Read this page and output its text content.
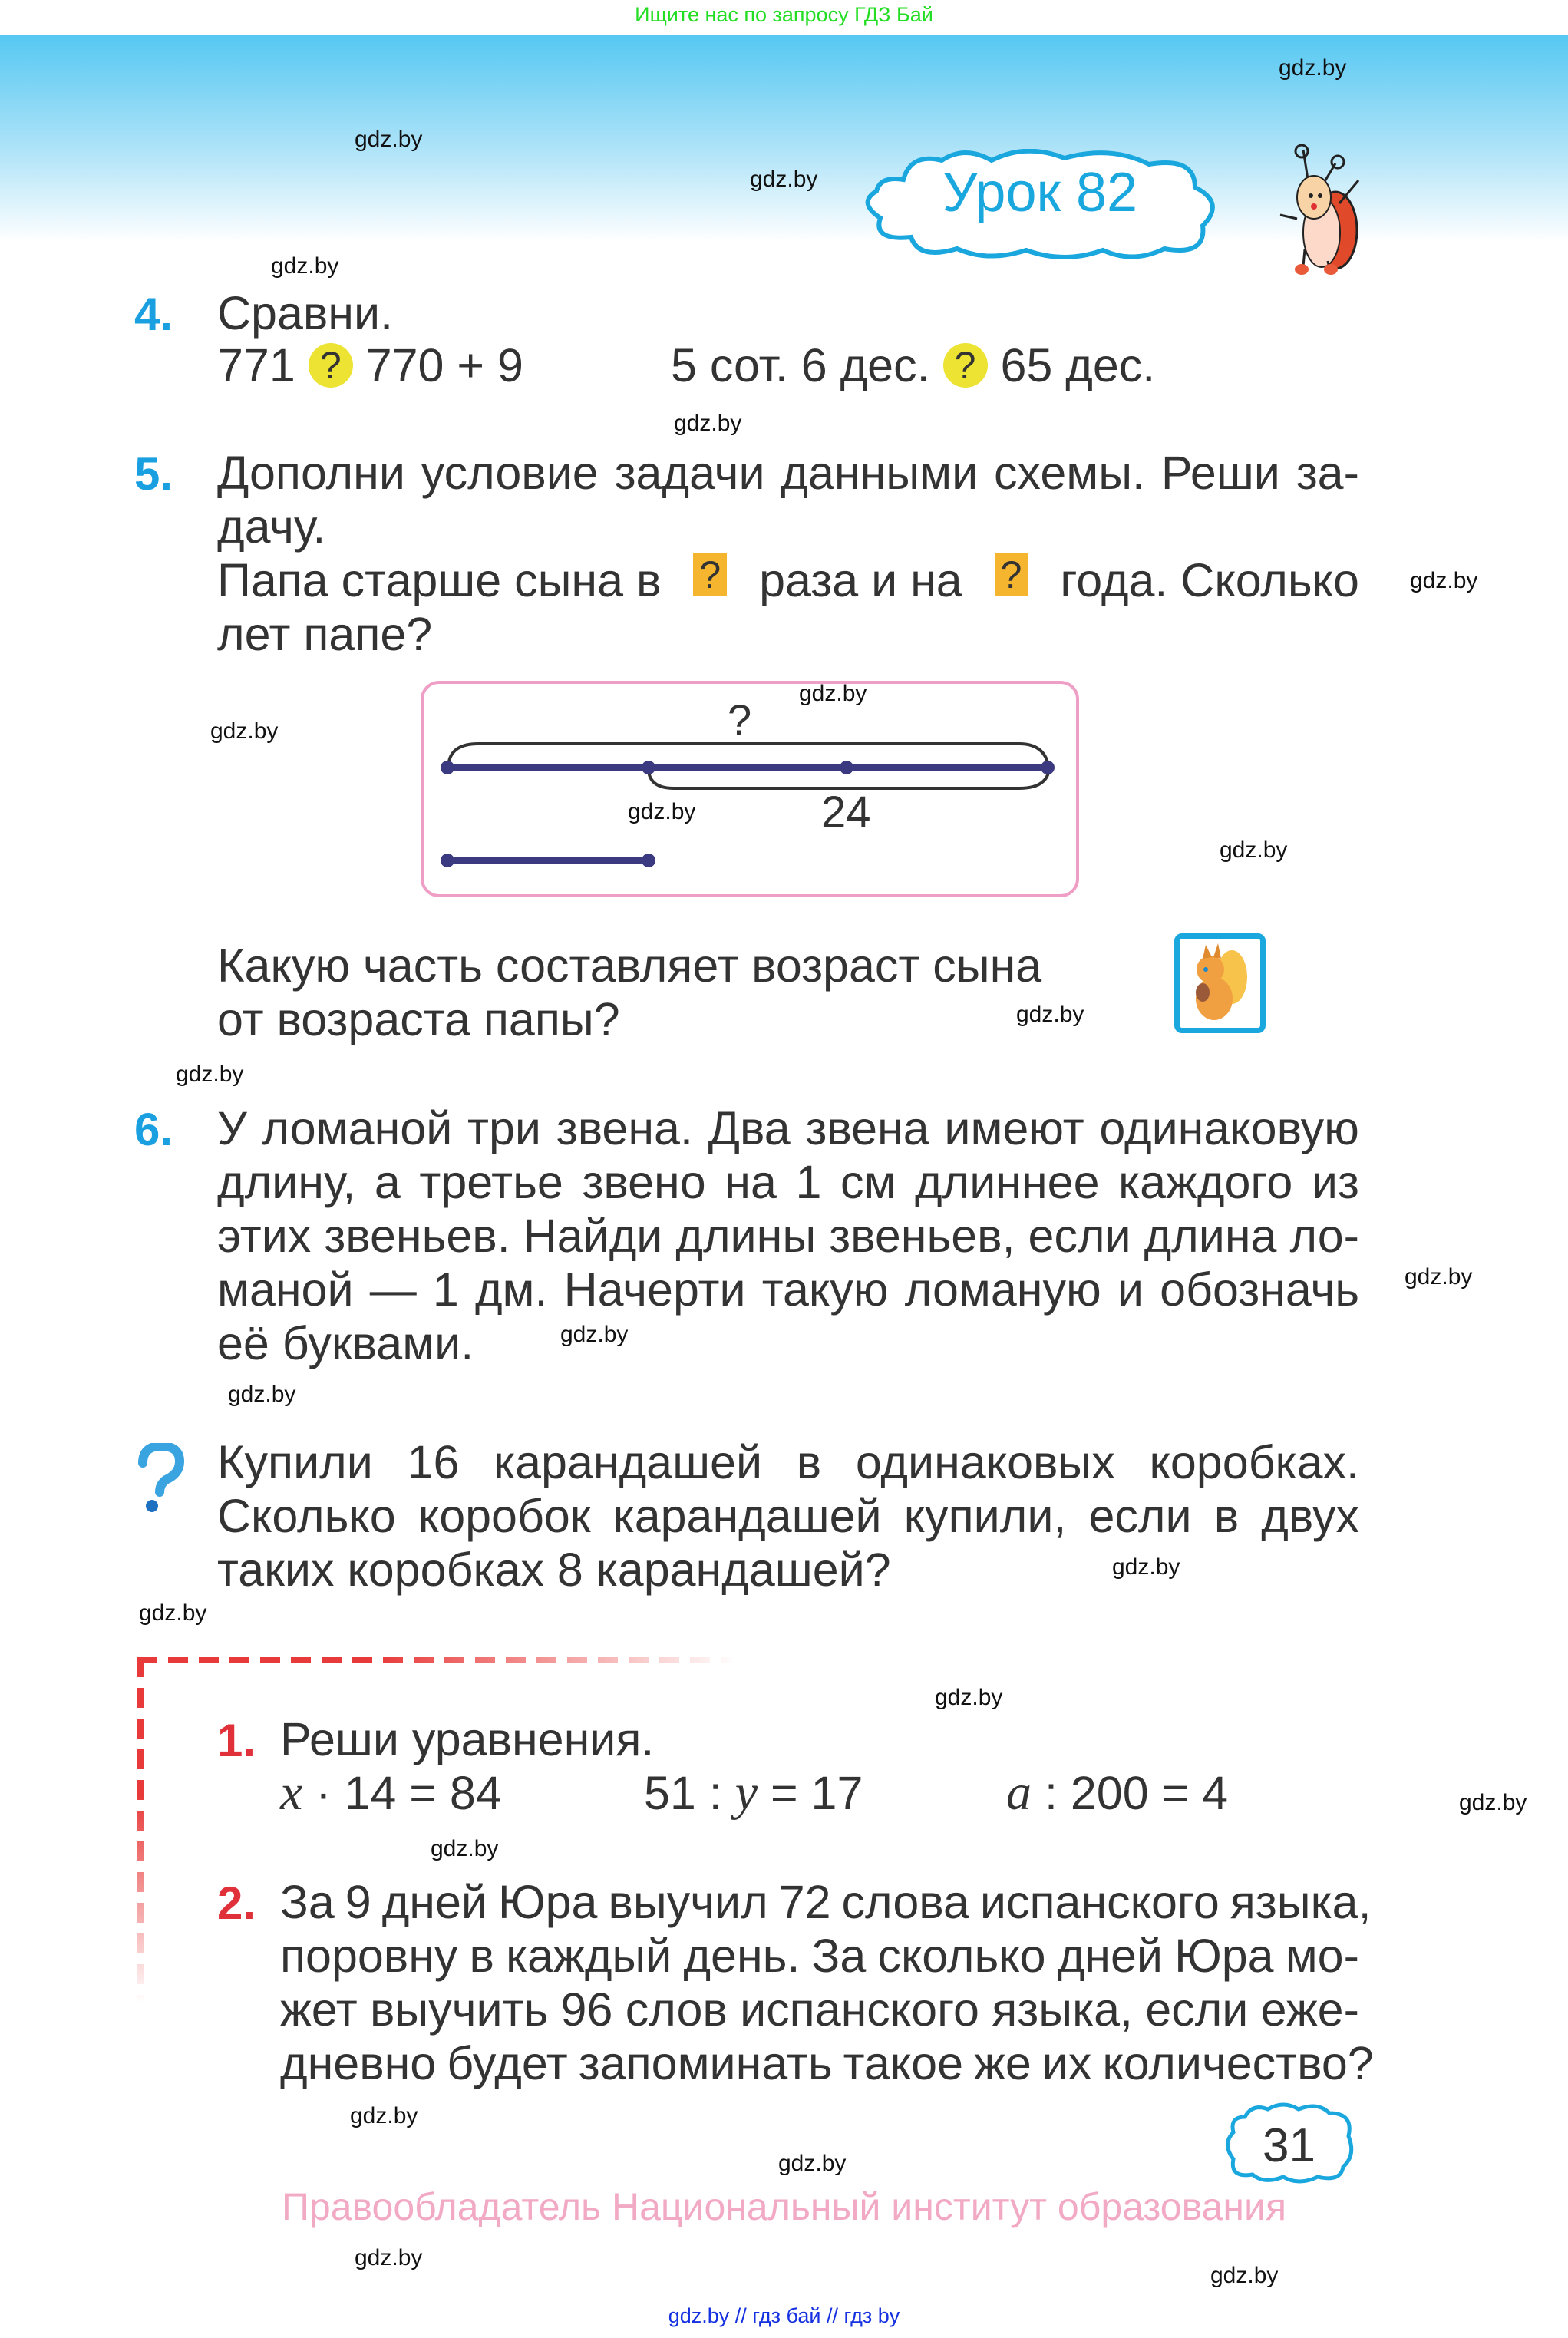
Ищите нас по запросу ГДЗ Бай
Урок 82
4. Сравни.
771 ? 770 + 9	5 сот. 6 дес. ? 65 дес.
5. Дополни условие задачи данными схемы. Реши за-
дачу.
Папа старше сына в ? раза и на ? года. Сколько
лет папе?
?
24
Какую часть составляет возраст сына
от возраста папы?
6. У ломаной три звена. Два звена имеют одинаковую
длину, а третье звено на 1 см длиннее каждого из
этих звеньев. Найди длины звеньев, если длина ло-
маной — 1 дм. Начерти такую ломаную и обозначь
её буквами.
Купили 16 карандашей в одинаковых коробках.
Сколько коробок карандашей купили, если в двух
таких коробках 8 карандашей?
1. Реши уравнения.
x · 14 = 84	51 : y = 17	a : 200 = 4
2. За 9 дней Юра выучил 72 слова испанского языка,
поровну в каждый день. За сколько дней Юра мо-
жет выучить 96 слов испанского языка, если еже-
дневно будет запоминать такое же их количество?
31
Правообладатель Национальный институт образования
gdz.by // гдз бай // гдз by
gdz.by
gdz.by
gdz.by
gdz.by
gdz.by
gdz.by
gdz.by
gdz.by
gdz.by
gdz.by
gdz.by
gdz.by
gdz.by
gdz.by
gdz.by
gdz.by
gdz.by
gdz.by
gdz.by
gdz.by
gdz.by
gdz.by
gdz.by
gdz.by
